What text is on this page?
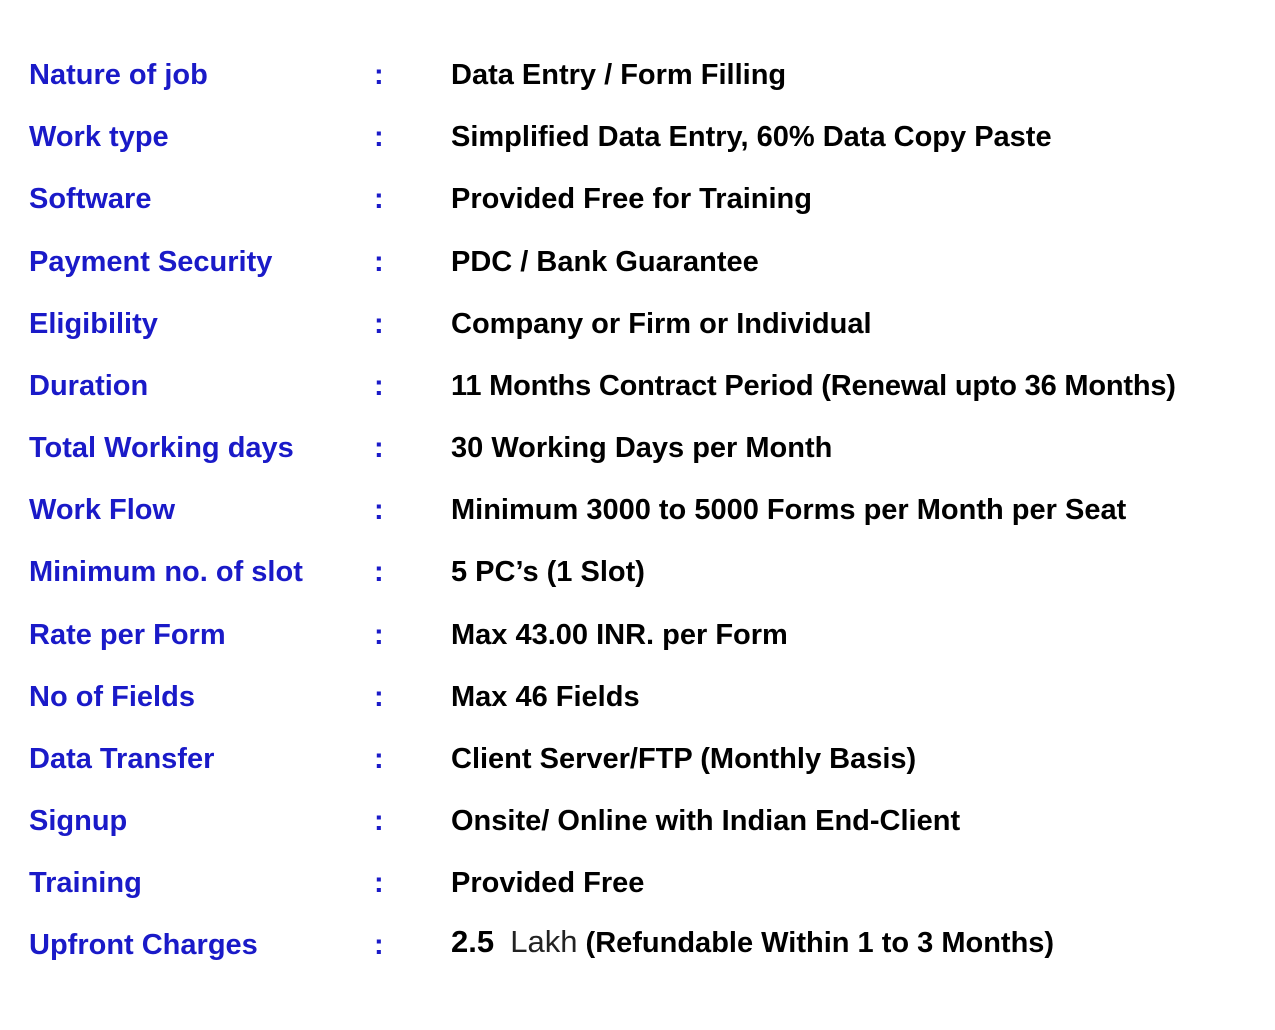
Nature of job	: Data Entry / Form Filling
Work type	: Simplified Data Entry, 60% Data Copy Paste
Software	: Provided Free for Training
Payment Security	: PDC / Bank Guarantee
Eligibility	: Company or Firm or Individual
Duration	: 11 Months Contract Period (Renewal upto 36 Months)
Total Working days	: 30 Working Days per Month
Work Flow	: Minimum 3000 to 5000 Forms per Month per Seat
Minimum no. of slot : 5 PC’s (1 Slot)
Rate per Form	: Max 43.00 INR. per Form
No of Fields	: Max 46 Fields
Data Transfer	: Client Server/FTP (Monthly Basis)
Signup	: Onsite/ Online with Indian End-Client
Training	: Provided Free
Upfront Charges	: 2.5 Lakh (Refundable Within 1 to 3 Months)
